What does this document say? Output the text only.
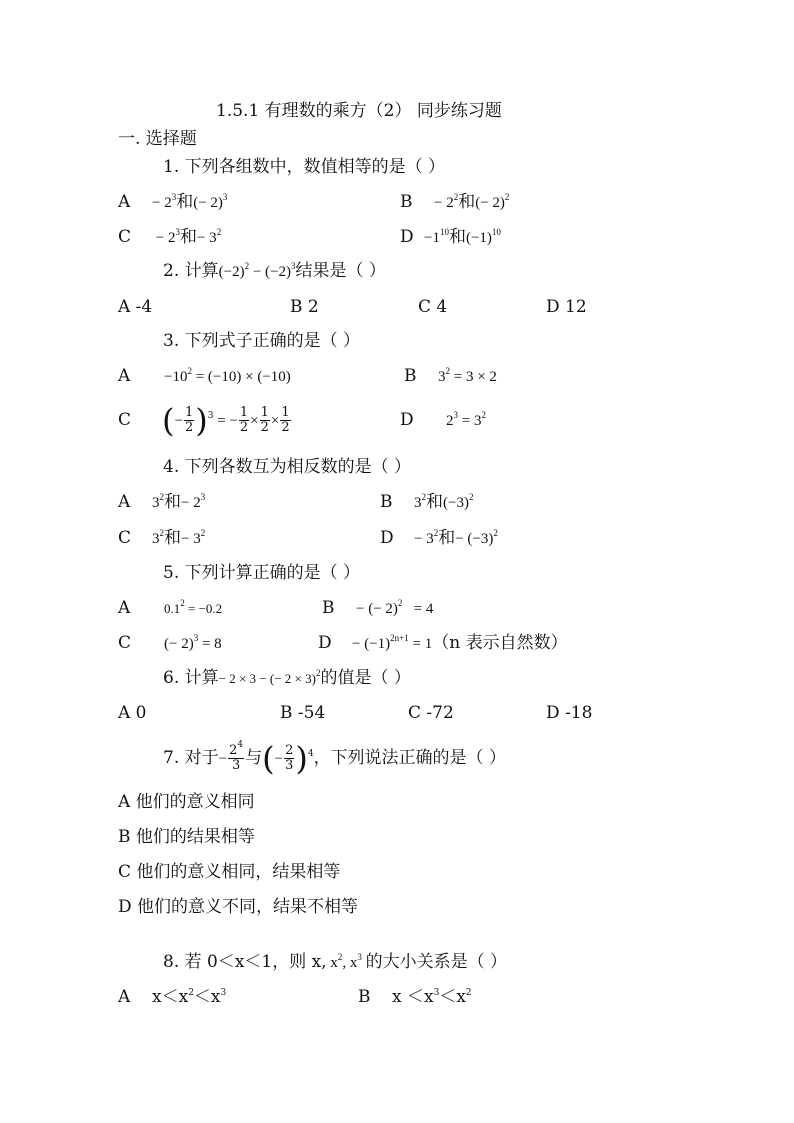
1.5.1 有理数的乘方（2） 同步练习题
一. 选择题
1. 下列各组数中，数值相等的是（ ）
$A - 2^3$和(− 2)$^3$	$B - 2^2$和(− 2)$^2$
$C - 2^3$和− $3^2$	$D -1^{10}$和$(-1)^{10}$
2. 计算$(-2)^2 - (-2)^3$结果是（ ）
A -4	B 2	C 4	D 12
3. 下列式子正确的是（ ）
$A -10^2 = (-10) \times (-10)$	B $3^2 = 3 \times 2$
C (− $\frac{1}{2} )^3$ = − $\frac{1}{2} \times \frac{1}{2} \times \frac{1}{2}$	D $2^3 = 3^2$
4. 下列各数互为相反数的是（ ）
A $3^2$和− $2^3$	B $3^2$和$(-3)^2$
C $3^2$和− $3^2$	$D - 3^2$和− $(-3)^2$
5. 下列计算正确的是（ ）
A	$0.1^2 = -0.2$	B − (− 2)$^2$   = 4
C (− 2)$^3$ = 8	$D - (-1)^{2n+1} = 1(n$ 表示自然数）
6. 计算− 2 × 3 − (− 2 × 3)$^2$的值是（ ）
A 0	B -54	C -72	D -18
7. 对于− $\frac{2^4}{3}$ 与(− $\frac{2}{3} )^4$，下列说法正确的是（ ）
A 他们的意义相同
B 他们的结果相等
C 他们的意义相同，结果相等
D 他们的意义不同，结果不相等
8. 若 0＜x＜1，则 x, $x^2$, $x^3$ 的大小关系是（ ）
A $x<x^2<x^3$	B $x <x^3<x^2$
